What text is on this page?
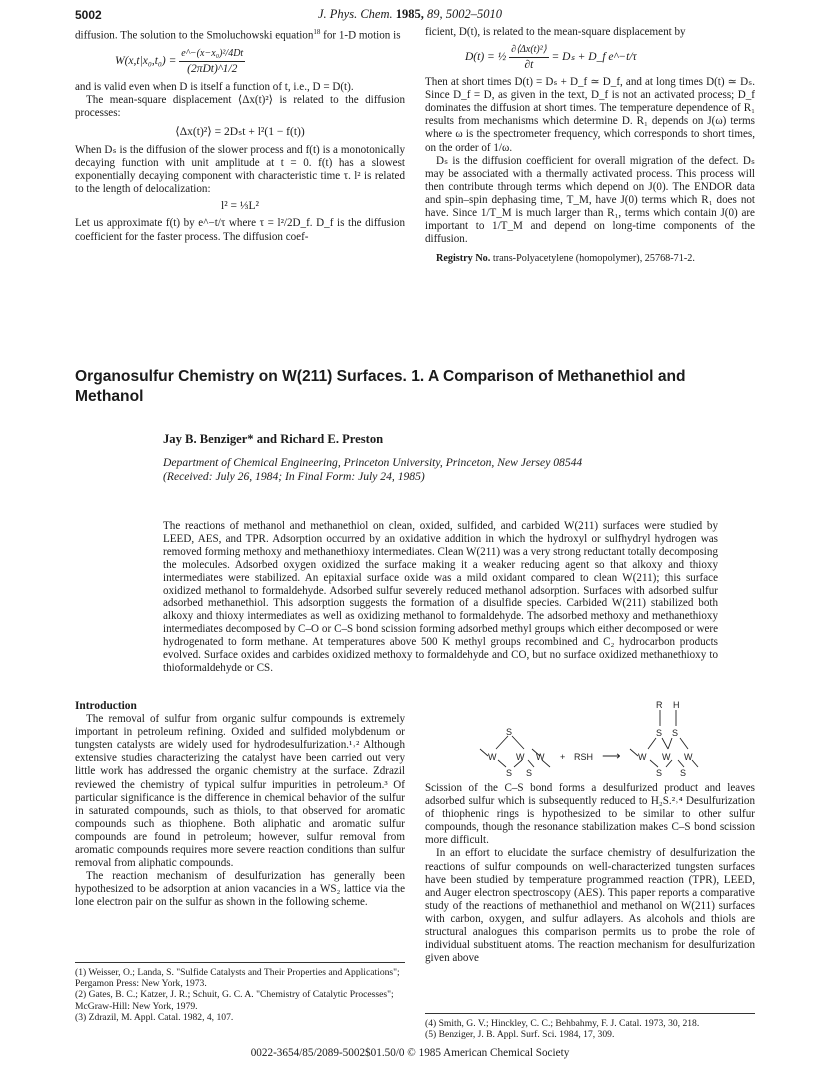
5002	J. Phys. Chem. 1985, 89, 5002–5010

diffusion. The solution to the Smoluchowski equation$^{18}$ for 1-D motion is

$W(x,t|x_0,t_0) = \frac{\text{e\textasciicircum{}−(x−x₀)²/4Dt}}{\text{(2πDt)\textasciicircum{}1/2}}$

and is valid even when D is itself a function of t, i.e., D = D(t).

The mean-square displacement ⟨Δx(t)²⟩ is related to the diffusion processes:

⟨Δx(t)²⟩ = 2Dₛt + l²(1 − f(t))

When Dₛ is the diffusion of the slower process and f(t) is a monotonically decaying function with unit amplitude at t = 0. f(t) has a slowest exponentially decaying component with characteristic time τ. l² is related to the length of delocalization:

l² = ⅓L²

Let us approximate f(t) by e^−t/τ where τ = l²/2D_f. D_f is the diffusion coefficient for the faster process. The diffusion coef-

ficient, D(t), is related to the mean-square displacement by

D(t) = ½ $\frac{\text{∂⟨Δx(t)²⟩}}{\partial t} = D_s$ + D_f e^−t/τ

Then at short times D(t) = Dₛ + D_f ≃ D_f, and at long times D(t) ≃ Dₛ. Since D_f = D, as given in the text, D_f is not an activated process; D_f dominates the diffusion at short times. The temperature dependence of R₁ results from mechanisms which determine D. R₁ depends on J(ω) terms where ω is the spectrometer frequency, which corresponds to short times, on the order of 1/ω.

Dₛ is the diffusion coefficient for overall migration of the defect. Dₛ may be associated with a thermally activated process. This process will then contribute through terms which depend on J(0). The ENDOR data and spin–spin dephasing time, T_M, have J(0) terms which R₁ does not have. Since 1/T_M is much larger than R₁, terms which contain J(0) are important to 1/T_M and depend on long-time components of the diffusion.

Registry No. trans-Polyacetylene (homopolymer), 25768-71-2.

Organosulfur Chemistry on W(211) Surfaces. 1. A Comparison of Methanethiol and Methanol
Jay B. Benziger* and Richard E. Preston
Department of Chemical Engineering, Princeton University, Princeton, New Jersey 08544
(Received: July 26, 1984; In Final Form: July 24, 1985)
The reactions of methanol and methanethiol on clean, oxided, sulfided, and carbided W(211) surfaces were studied by LEED, AES, and TPR. Adsorption occurred by an oxidative addition in which the hydroxyl or sulfhydryl hydrogen was removed forming methoxy and methanethioxy intermediates. Clean W(211) was a very strong reductant totally decomposing the molecules. Adsorbed oxygen oxidized the surface making it a weaker reducing agent so that alkoxy and thioxy intermediates were stabilized. An epitaxial surface oxide was a mild oxidant compared to clean W(211); this surface oxidized methanol to formaldehyde. Adsorbed sulfur severely reduced methanol adsorption. Surfaces with adsorbed sulfur adsorbed methanethiol. This adsorption suggests the formation of a disulfide species. Carbided W(211) stabilized both alkoxy and thioxy intermediates as well as oxidizing methanol to formaldehyde. The adsorbed methoxy and methanethioxy intermediates decomposed by C–O or C–S bond scission forming adsorbed methyl groups which either decomposed or were hydrogenated to form methane. At temperatures above 500 K methyl groups recombined and C₂ hydrocarbon products evolved. Surface oxides and carbides oxidized methoxy to formaldehyde and CO, but no surface oxidized methanethioxy to thioformaldehyde or CS.
Introduction

The removal of sulfur from organic sulfur compounds is extremely important in petroleum refining. Oxided and sulfided molybdenum or tungsten catalysts are widely used for hydrodesulfurization.¹˒² Although extensive studies characterizing the catalyst have been carried out very little work has addressed the organic chemistry at the surface. Zdrazil reviewed the chemistry of typical sulfur impurities in petroleum.³ Of particular significance is the difference in chemical behavior of the sulfur in saturated compounds, such as thiols, to that observed for aromatic compounds such as thiophene. Both aliphatic and aromatic sulfur compounds are found in petroleum; however, sulfur removal from aromatic compounds requires more severe reaction conditions than sulfur removal from aliphatic compounds.

The reaction mechanism of desulfurization has generally been hypothesized to be adsorption at anion vacancies in a WS₂ lattice via the lone electron pair on the sulfur as shown in the following scheme.

(1) Weisser, O.; Landa, S. "Sulfide Catalysts and Their Properties and Applications"; Pergamon Press: New York, 1973.

(2) Gates, B. C.; Katzer, J. R.; Schuit, G. C. A. "Chemistry of Catalytic Processes"; McGraw-Hill: New York, 1979.

(3) Zdrazil, M. Appl. Catal. 1982, 4, 107.

S
W W W
S S
+ RSH ⟶
R H
S S
W W W
S S

Scission of the C–S bond forms a desulfurized product and leaves adsorbed sulfur which is subsequently reduced to H₂S.²˒⁴ Desulfurization of thiophenic rings is hypothesized to be similar to other sulfur compounds, though the resonance stabilization makes C–S bond scission more difficult.

In an effort to elucidate the surface chemistry of desulfurization the reactions of sulfur compounds on well-characterized tungsten surfaces have been studied by temperature programmed reaction (TPR), LEED, and Auger electron spectroscopy (AES). This paper reports a comparative study of the reactions of methanethiol and methanol on W(211) surfaces with carbon, oxygen, and sulfur adlayers. As alcohols and thiols are structural analogues this comparison permits us to probe the role of individual substituent atoms. The reaction mechanism for desulfurization given above

(4) Smith, G. V.; Hinckley, C. C.; Behbahmy, F. J. Catal. 1973, 30, 218.

(5) Benziger, J. B. Appl. Surf. Sci. 1984, 17, 309.

0022-3654/85/2089-5002$01.50/0 © 1985 American Chemical Society
